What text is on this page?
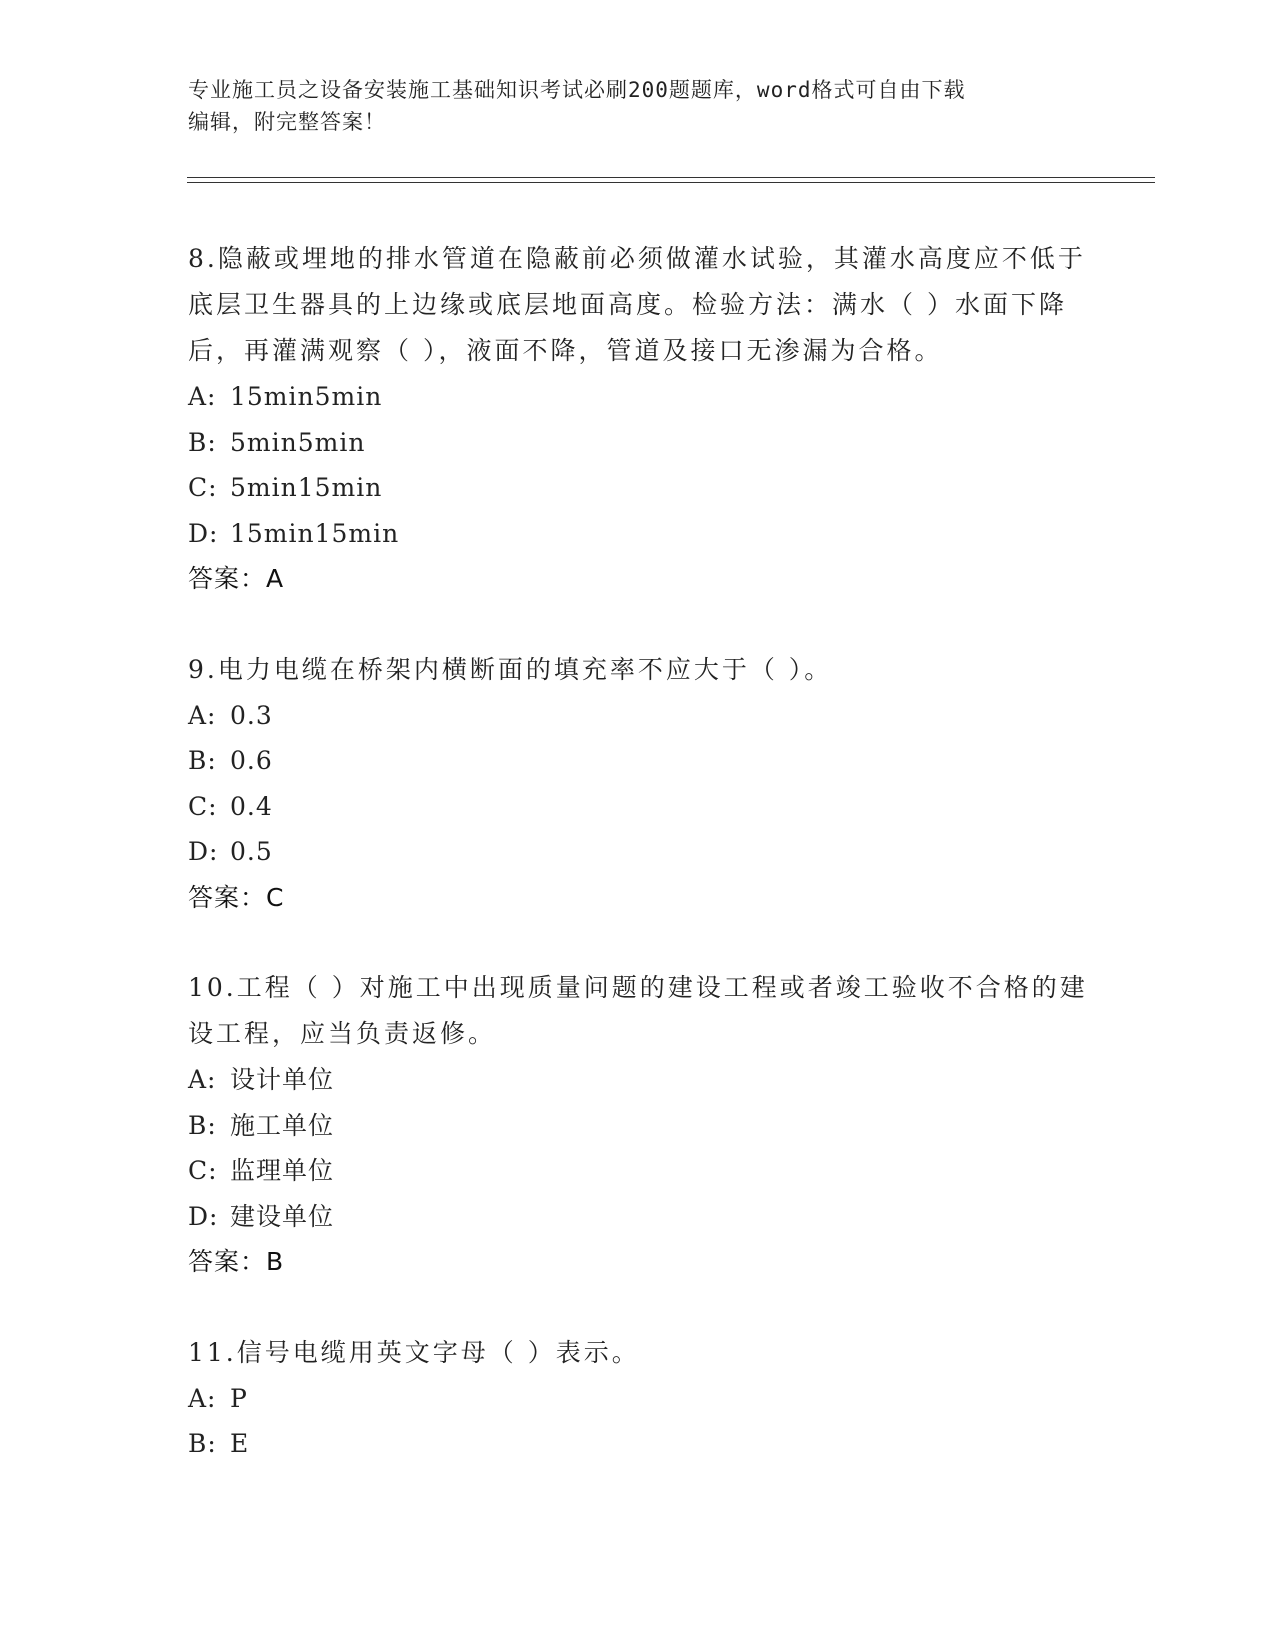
专业施工员之设备安装施工基础知识考试必刷200题题库，word格式可自由下载
编辑，附完整答案！

8.隐蔽或埋地的排水管道在隐蔽前必须做灌水试验，其灌水高度应不低于底层卫生器具的上边缘或底层地面高度。检验方法：满水（ ）水面下降后，再灌满观察（ ），液面不降，管道及接口无渗漏为合格。

A: 15min5min

B: 5min5min

C: 5min15min

D: 15min15min

答案：A

9.电力电缆在桥架内横断面的填充率不应大于（ ）。

A: 0.3

B: 0.6

C: 0.4

D: 0.5

答案：C

10.工程（ ）对施工中出现质量问题的建设工程或者竣工验收不合格的建设工程，应当负责返修。

A: 设计单位

B: 施工单位

C: 监理单位

D: 建设单位

答案：B

11.信号电缆用英文字母（ ）表示。

A: P

B: E
